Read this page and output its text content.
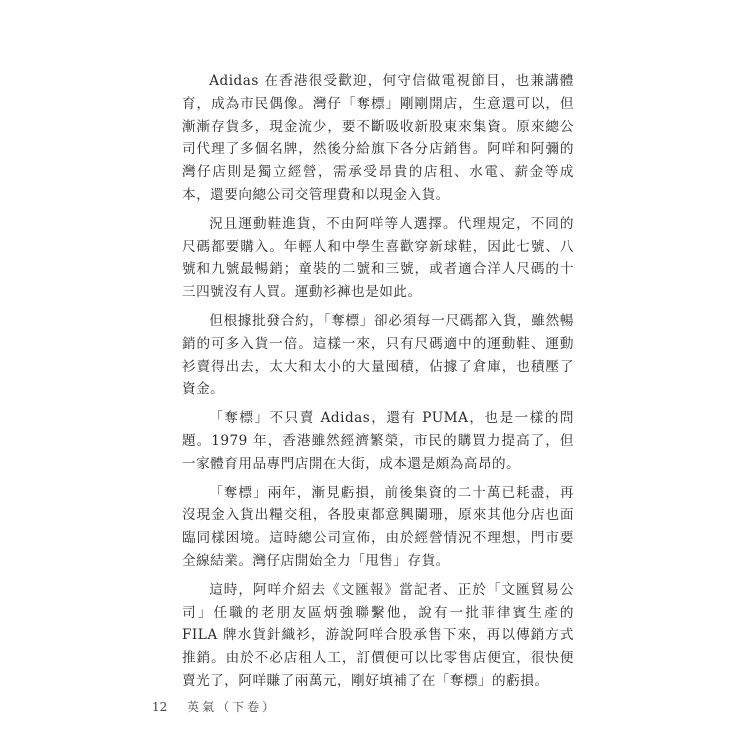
Adidas 在香港很受歡迎，何守信做電視節目，也兼講體育，成為市民偶像。灣仔「奪標」剛剛開店，生意還可以，但漸漸存貨多，現金流少，要不斷吸收新股東來集資。原來總公司代理了多個名牌，然後分給旗下各分店銷售。阿咩和阿彌的灣仔店則是獨立經營，需承受昂貴的店租、水電、薪金等成本，還要向總公司交管理費和以現金入貨。

況且運動鞋進貨，不由阿咩等人選擇。代理規定，不同的尺碼都要購入。年輕人和中學生喜歡穿新球鞋，因此七號、八號和九號最暢銷；童裝的二號和三號，或者適合洋人尺碼的十三四號沒有人買。運動衫褲也是如此。

但根據批發合約，「奪標」卻必須每一尺碼都入貨，雖然暢銷的可多入貨一倍。這樣一來，只有尺碼適中的運動鞋、運動衫賣得出去，太大和太小的大量囤積，佔據了倉庫，也積壓了資金。

「奪標」不只賣 Adidas，還有 PUMA，也是一樣的問題。1979 年，香港雖然經濟繁榮，市民的購買力提高了，但一家體育用品專門店開在大街，成本還是頗為高昂的。

「奪標」兩年，漸見虧損，前後集資的二十萬已耗盡，再沒現金入貨出糧交租，各股東都意興闌珊，原來其他分店也面臨同樣困境。這時總公司宣佈，由於經營情況不理想，門市要全線結業。灣仔店開始全力「甩售」存貨。

這時，阿咩介紹去《文匯報》當記者、正於「文匯貿易公司」任職的老朋友區炳強聯繫他，說有一批菲律賓生產的 FILA 牌水貨針織衫，游說阿咩合股承售下來，再以傳銷方式推銷。由於不必店租人工，訂價便可以比零售店便宜，很快便賣光了，阿咩賺了兩萬元，剛好填補了在「奪標」的虧損。

12 英氣（下卷）
